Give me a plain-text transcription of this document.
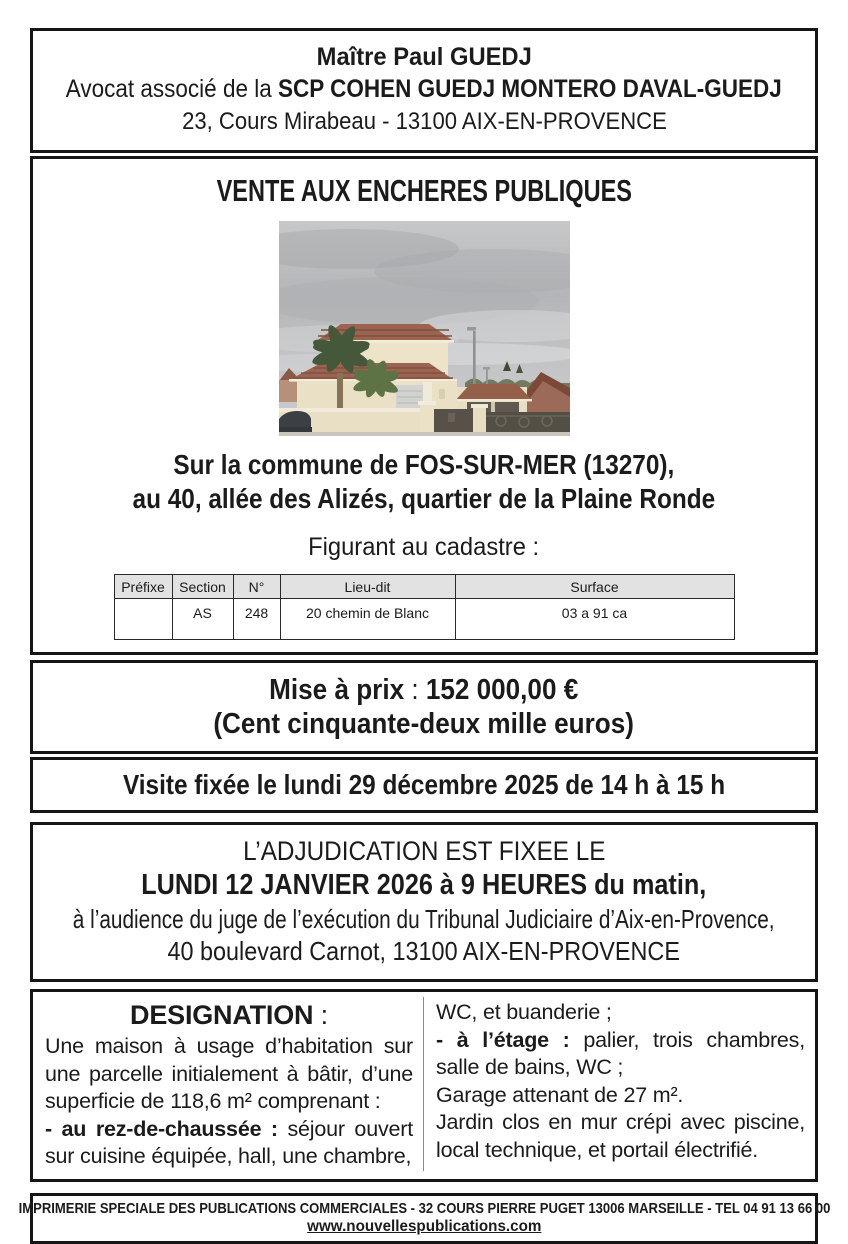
Maître Paul GUEDJ
Avocat associé de la SCP COHEN GUEDJ MONTERO DAVAL-GUEDJ
23, Cours Mirabeau - 13100 AIX-EN-PROVENCE
VENTE AUX ENCHERES PUBLIQUES
Sur la commune de FOS-SUR-MER (13270),
au 40, allée des Alizés, quartier de la Plaine Ronde
Figurant au cadastre :
Préfixe	Section	N°	Lieu-dit	Surface
	AS	248	20 chemin de Blanc	03 a 91 ca
Mise à prix : 152 000,00 €
(Cent cinquante-deux mille euros)
Visite fixée le lundi 29 décembre 2025 de 14 h à 15 h
L’ADJUDICATION EST FIXEE LE
LUNDI 12 JANVIER 2026 à 9 HEURES du matin,
à l’audience du juge de l’exécution du Tribunal Judiciaire d’Aix-en-Provence,
40 boulevard Carnot, 13100 AIX-EN-PROVENCE
DESIGNATION :

Une maison à usage d’habitation sur une parcelle initialement à bâtir, d’une superficie de 118,6 m² comprenant :

- au rez-de-chaussée : séjour ouvert sur cuisine équipée, hall, une chambre,

WC, et buanderie ;

- à l’étage : palier, trois chambres, salle de bains, WC ;

Garage attenant de 27 m².

Jardin clos en mur crépi avec piscine, local technique, et portail électrifié.

IMPRIMERIE SPECIALE DES PUBLICATIONS COMMERCIALES - 32 COURS PIERRE PUGET 13006 MARSEILLE - TEL 04 91 13 66 00
www.nouvellespublications.com
